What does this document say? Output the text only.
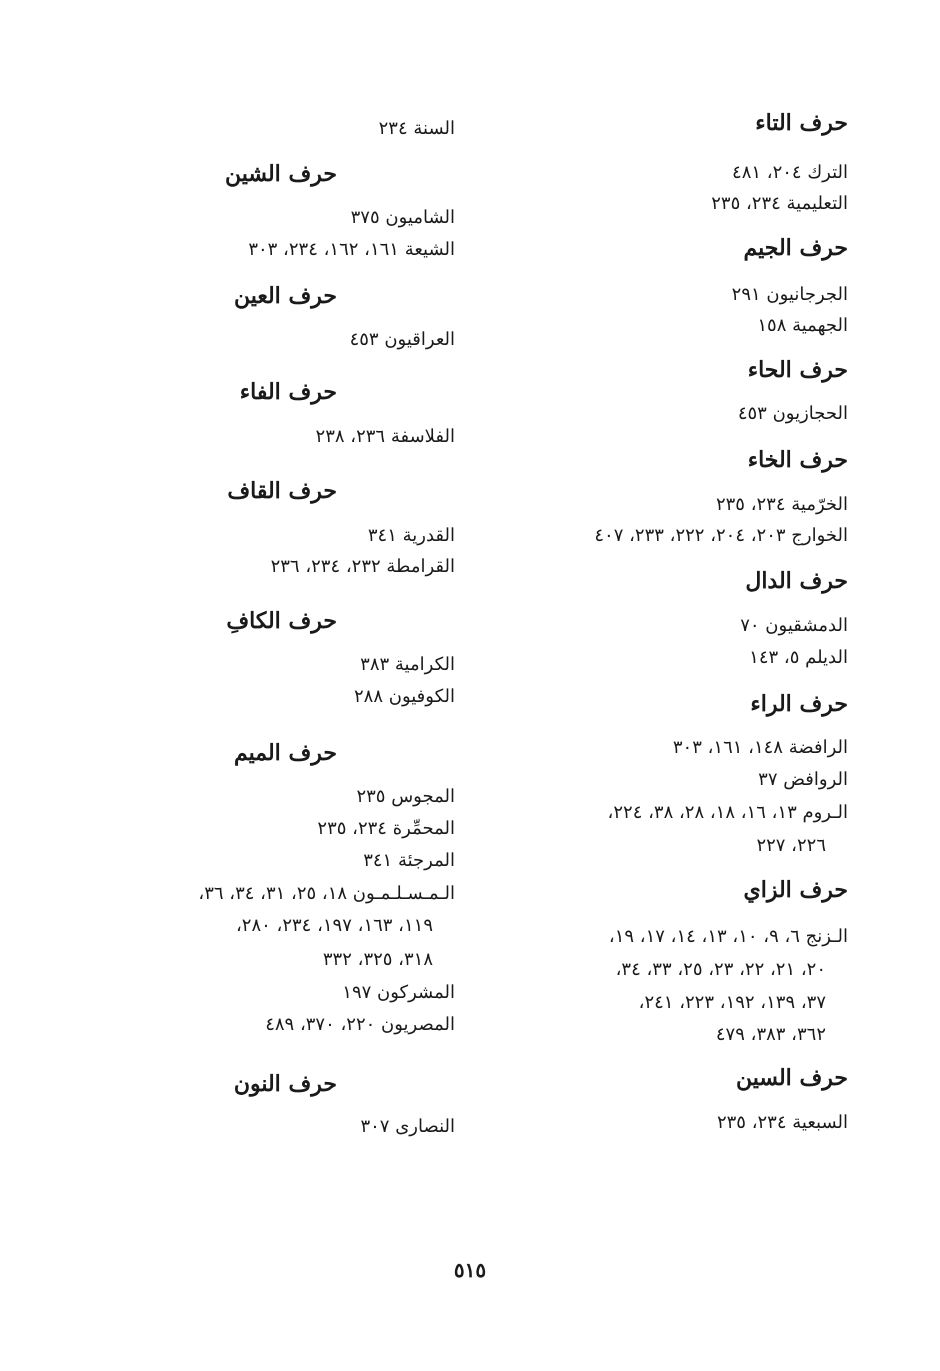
حرف التاء
الترك ٢٠٤، ٤٨١
التعليمية ٢٣٤، ٢٣٥
حرف الجيم
الجرجانيون ٢٩١
الجهمية ١٥٨
حرف الحاء
الحجازيون ٤٥٣
حرف الخاء
الخرّمية ٢٣٤، ٢٣٥
الخوارج ٢٠٣، ٢٠٤، ٢٢٢، ٢٣٣، ٤٠٧
حرف الدال
الدمشقيون ٧٠
الديلم ٥، ١٤٣
حرف الراء
الرافضة ١٤٨، ١٦١، ٣٠٣
الروافض ٣٧
الـروم ١٣، ١٦، ١٨، ٢٨، ٣٨، ٢٢٤،
٢٢٦، ٢٢٧
حرف الزاي
الـزنج ٦، ٩، ١٠، ١٣، ١٤، ١٧، ١٩،
٢٠، ٢١، ٢٢، ٢٣، ٢٥، ٣٣، ٣٤،
٣٧، ١٣٩، ١٩٢، ٢٢٣، ٢٤١،
٣٦٢، ٣٨٣، ٤٧٩
حرف السين
السبعية ٢٣٤، ٢٣٥
السنة ٢٣٤
حرف الشين
الشاميون ٣٧٥
الشيعة ١٦١، ١٦٢، ٢٣٤، ٣٠٣
حرف العين
العراقيون ٤٥٣
حرف الفاء
الفلاسفة ٢٣٦، ٢٣٨
حرف القاف
القدرية ٣٤١
القرامطة ٢٣٢، ٢٣٤، ٢٣٦
حرف الكافِ
الكرامية ٣٨٣
الكوفيون ٢٨٨
حرف الميم
المجوس ٢٣٥
المحمِّرة ٢٣٤، ٢٣٥
المرجئة ٣٤١
الـمـسـلـمـون ١٨، ٢٥، ٣١، ٣٤، ٣٦،
١١٩، ١٦٣، ١٩٧، ٢٣٤، ٢٨٠،
٣١٨، ٣٢٥، ٣٣٢
المشركون ١٩٧
المصريون ٢٢٠، ٣٧٠، ٤٨٩
حرف النون
النصارى ٣٠٧
٥١٥
